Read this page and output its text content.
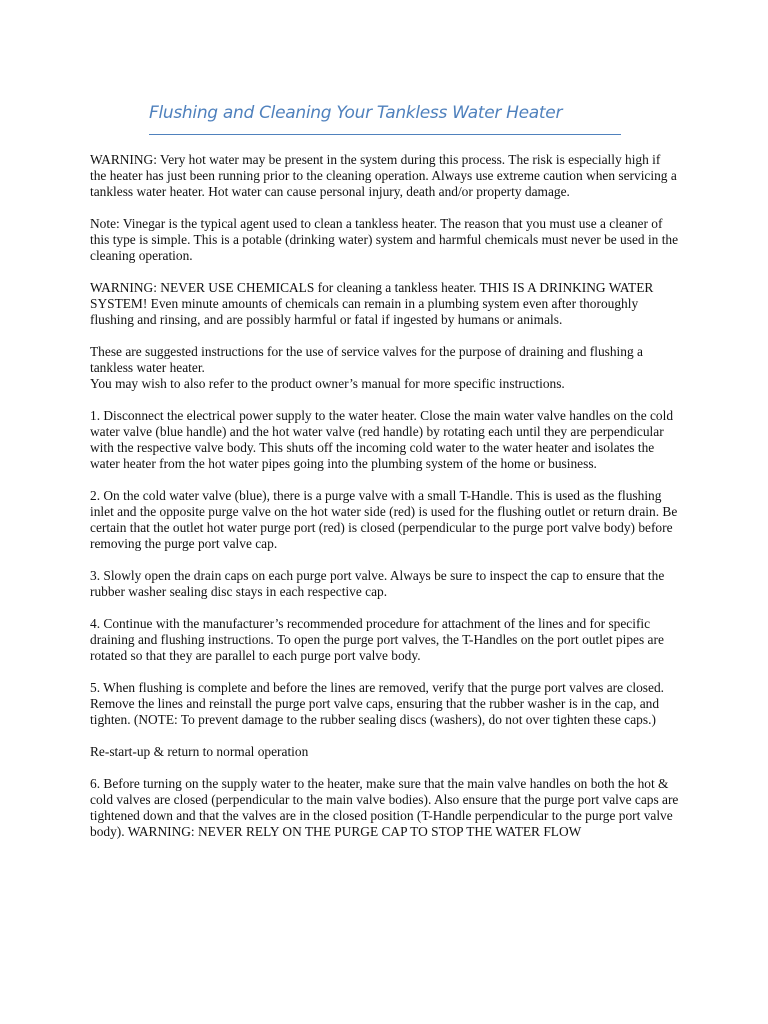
Flushing and Cleaning Your Tankless Water Heater

WARNING: Very hot water may be present in the system during this process. The risk is especially high if the heater has just been running prior to the cleaning operation. Always use extreme caution when servicing a tankless water heater. Hot water can cause personal injury, death and/or property damage.

Note: Vinegar is the typical agent used to clean a tankless heater. The reason that you must use a cleaner of this type is simple. This is a potable (drinking water) system and harmful chemicals must never be used in the cleaning operation.

WARNING: NEVER USE CHEMICALS for cleaning a tankless heater. THIS IS A DRINKING WATER SYSTEM! Even minute amounts of chemicals can remain in a plumbing system even after thoroughly flushing and rinsing, and are possibly harmful or fatal if ingested by humans or animals.

These are suggested instructions for the use of service valves for the purpose of draining and flushing a tankless water heater.

You may wish to also refer to the product owner’s manual for more specific instructions.

1. Disconnect the electrical power supply to the water heater. Close the main water valve handles on the cold water valve (blue handle) and the hot water valve (red handle) by rotating each until they are perpendicular with the respective valve body. This shuts off the incoming cold water to the water heater and isolates the water heater from the hot water pipes going into the plumbing system of the home or business.

2. On the cold water valve (blue), there is a purge valve with a small T-Handle. This is used as the flushing inlet and the opposite purge valve on the hot water side (red) is used for the flushing outlet or return drain. Be certain that the outlet hot water purge port (red) is closed (perpendicular to the purge port valve body) before removing the purge port valve cap.

3. Slowly open the drain caps on each purge port valve. Always be sure to inspect the cap to ensure that the rubber washer sealing disc stays in each respective cap.

4. Continue with the manufacturer’s recommended procedure for attachment of the lines and for specific draining and flushing instructions. To open the purge port valves, the T-Handles on the port outlet pipes are rotated so that they are parallel to each purge port valve body.

5. When flushing is complete and before the lines are removed, verify that the purge port valves are closed. Remove the lines and reinstall the purge port valve caps, ensuring that the rubber washer is in the cap, and tighten. (NOTE: To prevent damage to the rubber sealing discs (washers), do not over tighten these caps.)

Re-start-up & return to normal operation

6. Before turning on the supply water to the heater, make sure that the main valve handles on both the hot & cold valves are closed (perpendicular to the main valve bodies). Also ensure that the purge port valve caps are tightened down and that the valves are in the closed position (T-Handle perpendicular to the purge port valve body). WARNING: NEVER RELY ON THE PURGE CAP TO STOP THE WATER FLOW
